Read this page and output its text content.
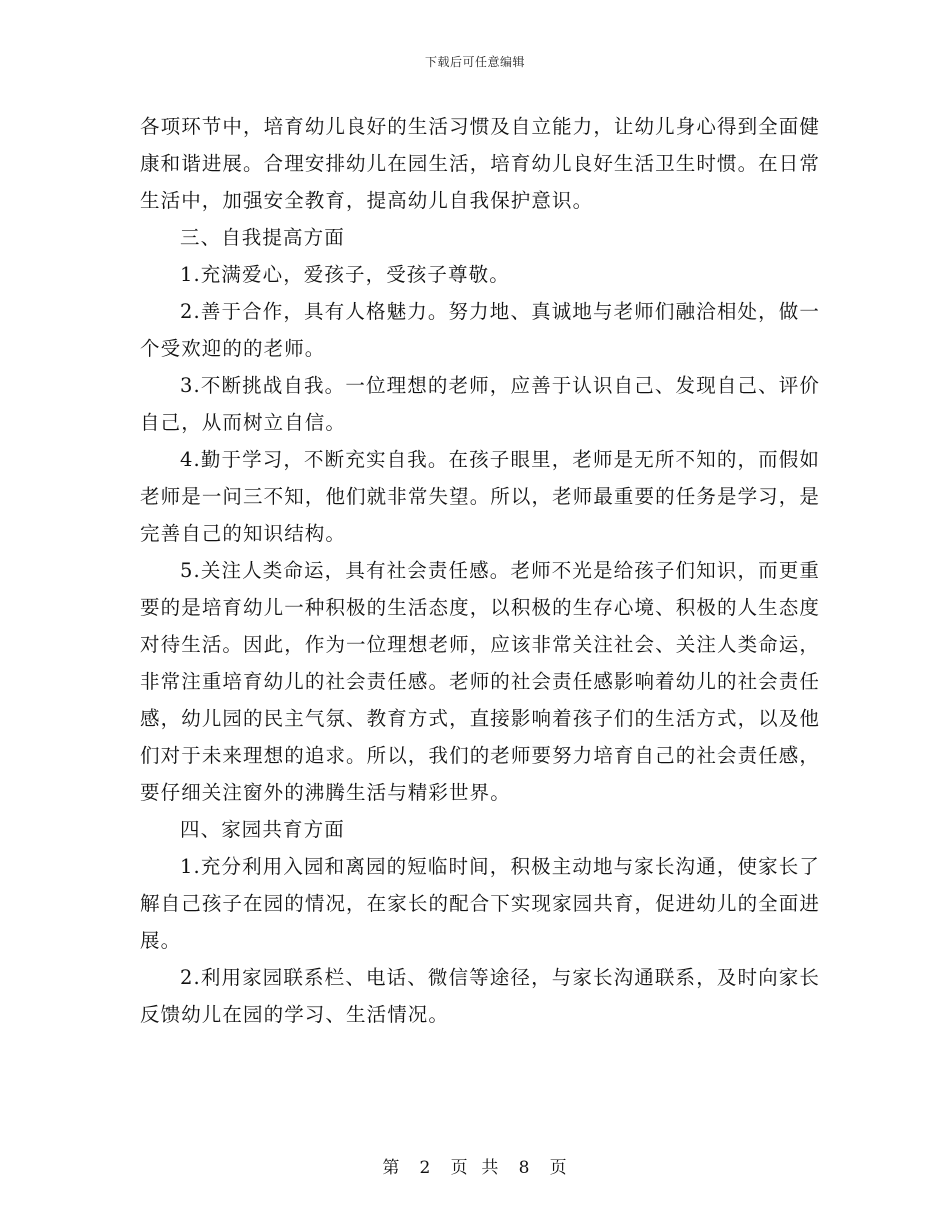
下载后可任意编辑

各项环节中，培育幼儿良好的生活习惯及自立能力，让幼儿身心得到全面健康和谐进展。合理安排幼儿在园生活，培育幼儿良好生活卫生时惯。在日常生活中，加强安全教育，提高幼儿自我保护意识。

三、自我提高方面

1.充满爱心，爱孩子，受孩子尊敬。

2.善于合作，具有人格魅力。努力地、真诚地与老师们融洽相处，做一个受欢迎的的老师。

3.不断挑战自我。一位理想的老师，应善于认识自己、发现自己、评价自己，从而树立自信。

4.勤于学习，不断充实自我。在孩子眼里，老师是无所不知的，而假如老师是一问三不知，他们就非常失望。所以，老师最重要的任务是学习，是完善自己的知识结构。

5.关注人类命运，具有社会责任感。老师不光是给孩子们知识，而更重要的是培育幼儿一种积极的生活态度，以积极的生存心境、积极的人生态度对待生活。因此，作为一位理想老师，应该非常关注社会、关注人类命运，非常注重培育幼儿的社会责任感。老师的社会责任感影响着幼儿的社会责任感，幼儿园的民主气氛、教育方式，直接影响着孩子们的生活方式，以及他们对于未来理想的追求。所以，我们的老师要努力培育自己的社会责任感，要仔细关注窗外的沸腾生活与精彩世界。

四、家园共育方面

1.充分利用入园和离园的短临时间，积极主动地与家长沟通，使家长了解自己孩子在园的情况，在家长的配合下实现家园共育，促进幼儿的全面进展。

2.利用家园联系栏、电话、微信等途径，与家长沟通联系，及时向家长反馈幼儿在园的学习、生活情况。

第 2 页  共 8 页
